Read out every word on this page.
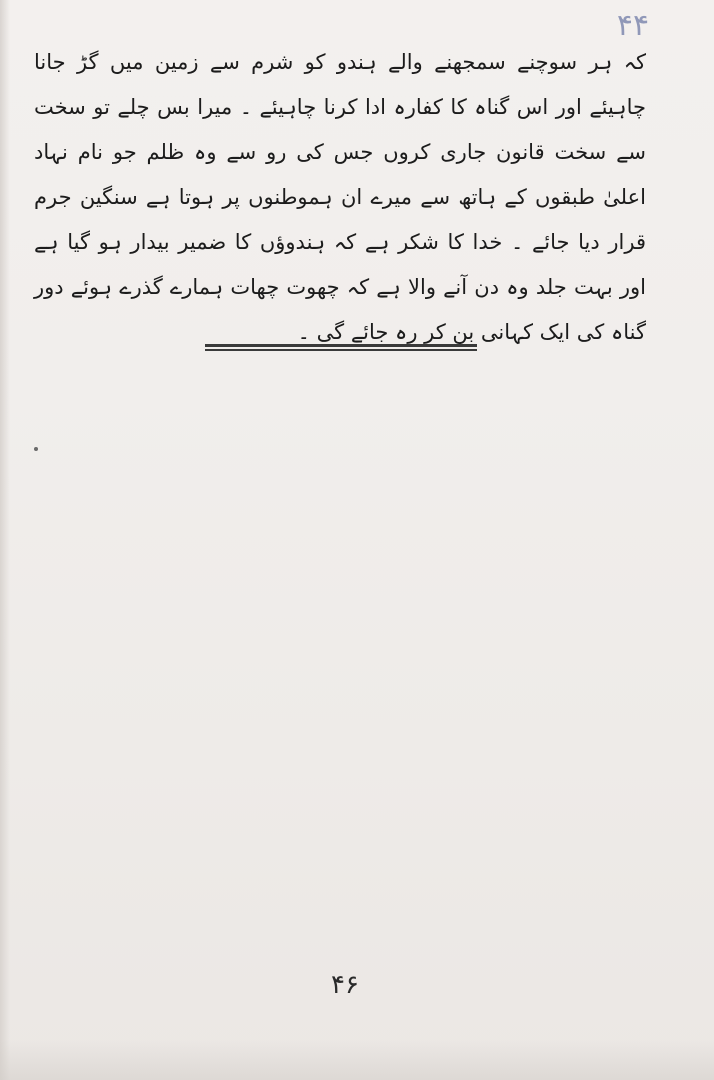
۴۴
کہ ہر سوچنے سمجھنے والے ہندو کو شرم سے زمین میں گڑ جانا چاہیئے اور اس گناہ کا کفارہ ادا کرنا چاہیئے ۔ میرا بس چلے تو سخت سے سخت قانون جاری کروں جس کی رو سے وہ ظلم جو نام نہاد اعلیٰ طبقوں کے ہاتھ سے میرے ان ہموطنوں پر ہوتا ہے سنگین جرم قرار دیا جائے ۔ خدا کا شکر ہے کہ ہندوؤں کا ضمیر بیدار ہو گیا ہے اور بہت جلد وہ دن آنے والا ہے کہ چھوت چھات ہمارے گذرے ہوئے دور گناہ کی ایک کہانی بن کر رہ جائے گی ۔
۴۶
